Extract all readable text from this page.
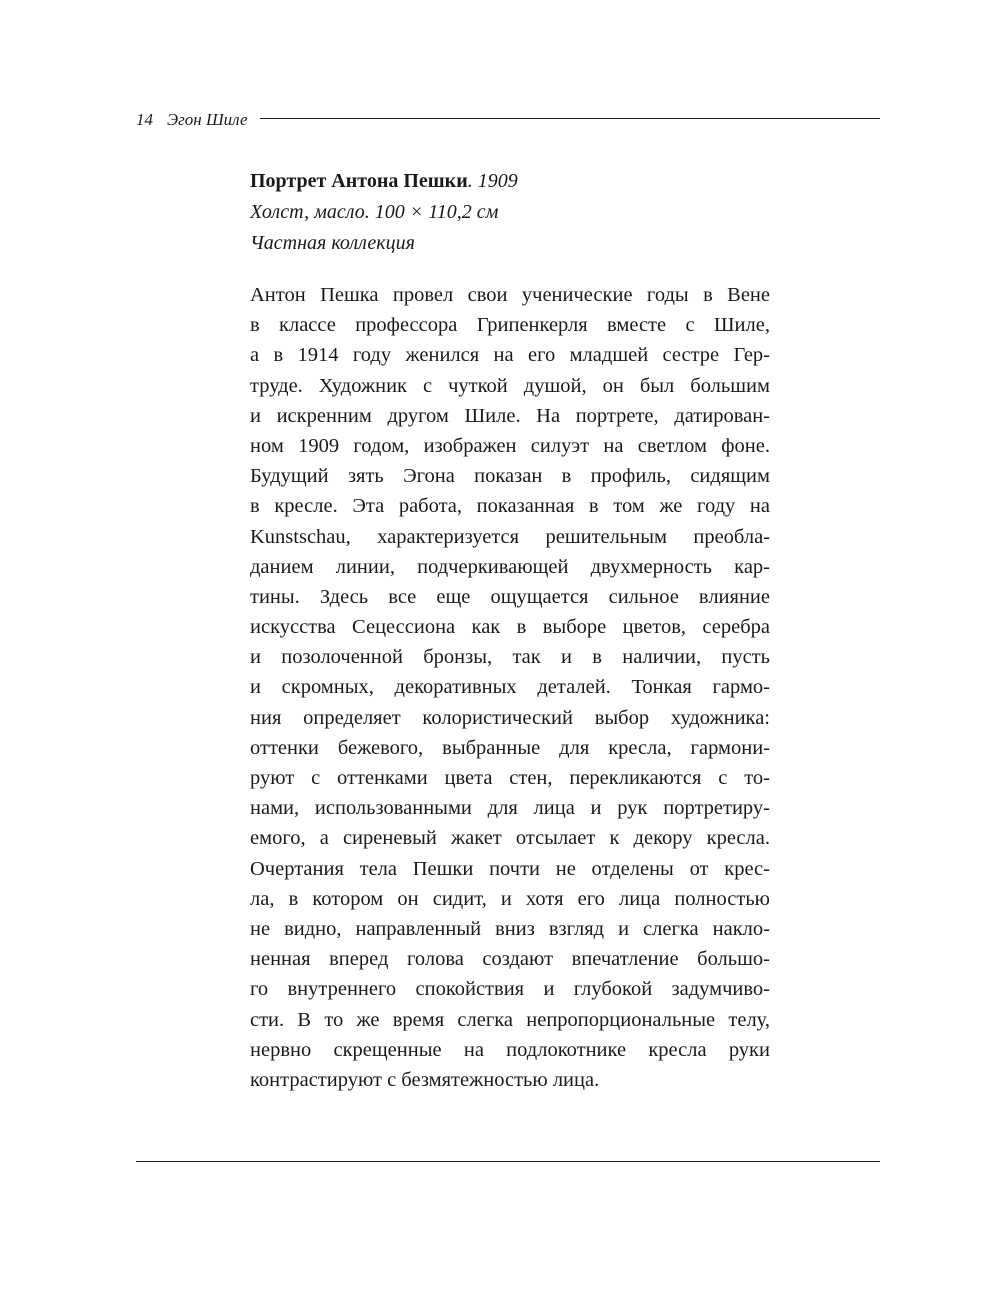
14 Эгон Шиле
Портрет Антона Пешки. 1909
Холст, масло. 100 × 110,2 см
Частная коллекция
Антон Пешка провел свои ученические годы в Вене
в классе профессора Грипенкерля вместе с Шиле,
а в 1914 году женился на его младшей сестре Гер-
труде. Художник с чуткой душой, он был большим
и искренним другом Шиле. На портрете, датирован-
ном 1909 годом, изображен силуэт на светлом фоне.
Будущий зять Эгона показан в профиль, сидящим
в кресле. Эта работа, показанная в том же году на
Kunstschau, характеризуется решительным преобла-
данием линии, подчеркивающей двухмерность кар-
тины. Здесь все еще ощущается сильное влияние
искусства Сецессиона как в выборе цветов, серебра
и позолоченной бронзы, так и в наличии, пусть
и скромных, декоративных деталей. Тонкая гармо-
ния определяет колористический выбор художника:
оттенки бежевого, выбранные для кресла, гармони-
руют с оттенками цвета стен, перекликаются с то-
нами, использованными для лица и рук портретиру-
емого, а сиреневый жакет отсылает к декору кресла.
Очертания тела Пешки почти не отделены от крес-
ла, в котором он сидит, и хотя его лица полностью
не видно, направленный вниз взгляд и слегка накло-
ненная вперед голова создают впечатление большо-
го внутреннего спокойствия и глубокой задумчиво-
сти. В то же время слегка непропорциональные телу,
нервно скрещенные на подлокотнике кресла руки
контрастируют с безмятежностью лица.
